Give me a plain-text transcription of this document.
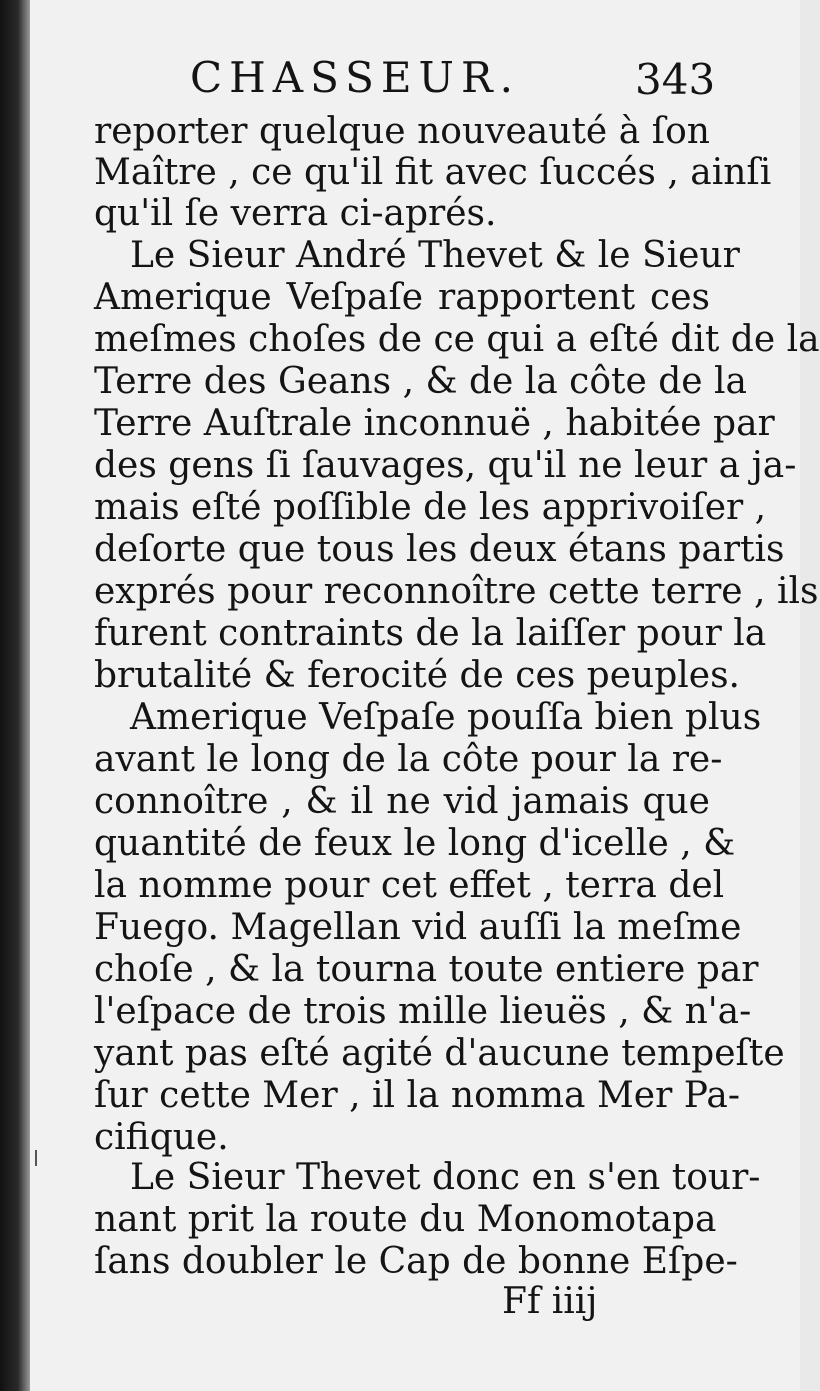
CHASSEUR.	343
reporter quelque nouveauté à ſon
Maître , ce qu'il fit avec ſuccés , ainſi
qu'il ſe verra ci-aprés.
Le Sieur André Thevet & le Sieur
Amerique Veſpaſe rapportent ces
meſmes choſes de ce qui a eſté dit de la
Terre des Geans , & de la côte de la
Terre Auſtrale inconnuë , habitée par
des gens ſi ſauvages, qu'il ne leur a ja-
mais eſté poſſible de les apprivoiſer ,
deſorte que tous les deux étans partis
exprés pour reconnoître cette terre , ils
furent contraints de la laiſſer pour la
brutalité & ferocité de ces peuples.
Amerique Veſpaſe pouſſa bien plus
avant le long de la côte pour la re-
connoître , & il ne vid jamais que
quantité de feux le long d'icelle , &
la nomme pour cet effet , terra del
Fuego. Magellan vid auſſi la meſme
choſe , & la tourna toute entiere par
l'eſpace de trois mille lieuës , & n'a-
yant pas eſté agité d'aucune tempeſte
ſur cette Mer , il la nomma Mer Pa-
cifique.
Le Sieur Thevet donc en s'en tour-
nant prit la route du Monomotapa
ſans doubler le Cap de bonne Eſpe-
Ff iiij
